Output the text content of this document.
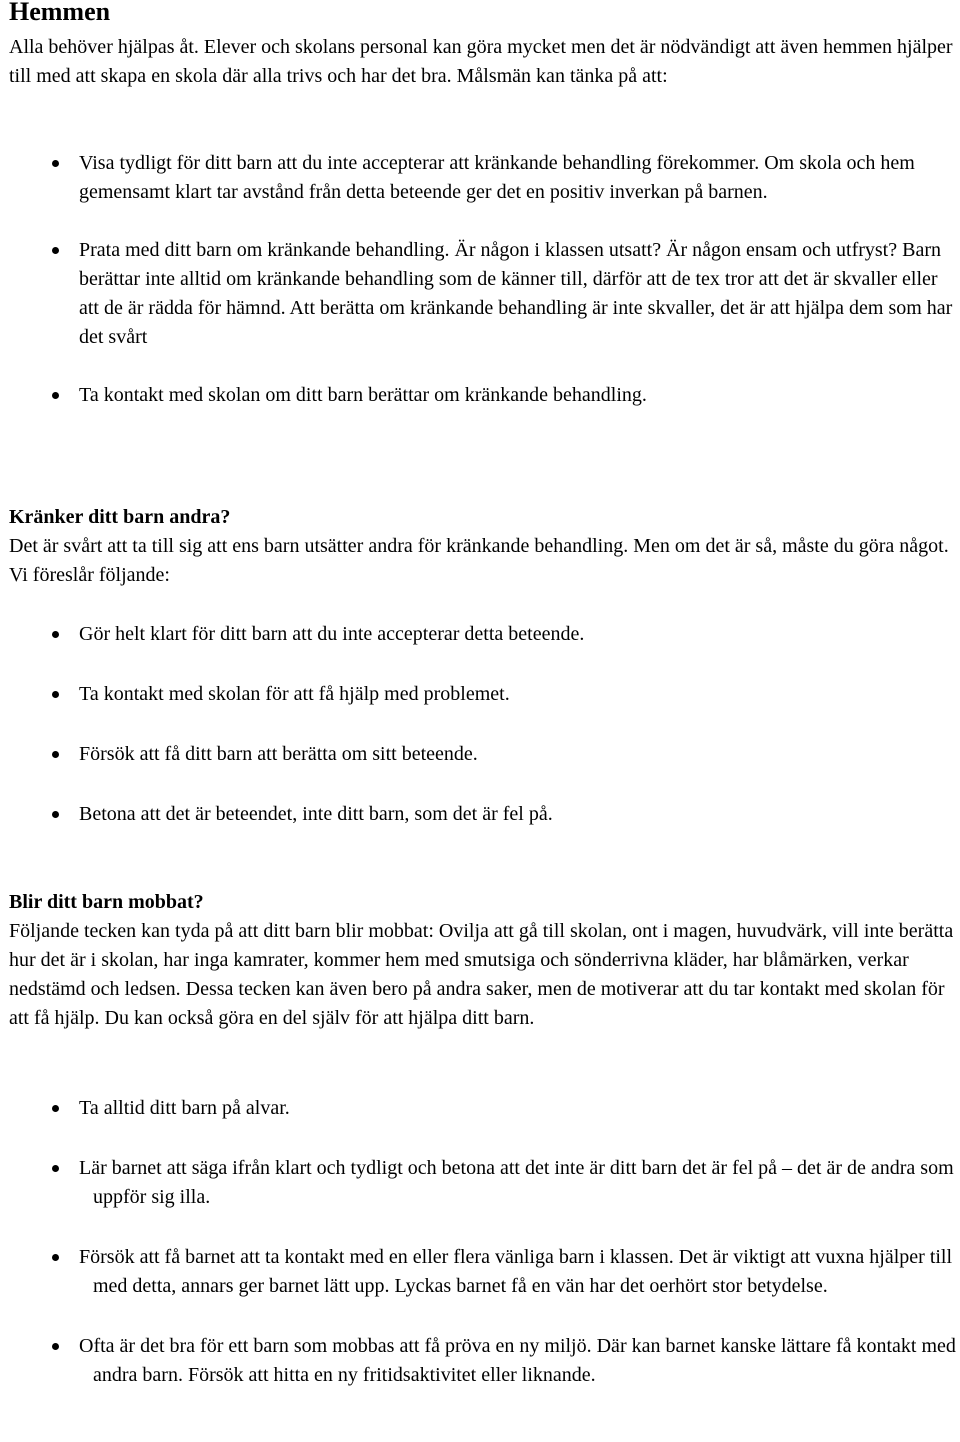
Hemmen

Alla behöver hjälpas åt. Elever och skolans personal kan göra mycket men det är nödvändigt att även hemmen hjälper till med att skapa en skola där alla trivs och har det bra. Målsmän kan tänka på att:

Visa tydligt för ditt barn att du inte accepterar att kränkande behandling förekommer. Om skola och hem gemensamt klart tar avstånd från detta beteende ger det en positiv inverkan på barnen.
Prata med ditt barn om kränkande behandling. Är någon i klassen utsatt? Är någon ensam och utfryst? Barn berättar inte alltid om kränkande behandling som de känner till, därför att de tex tror att det är skvaller eller att de är rädda för hämnd. Att berätta om kränkande behandling är inte skvaller, det är att hjälpa dem som har det svårt
Ta kontakt med skolan om ditt barn berättar om kränkande behandling.

Kränker ditt barn andra?

Det är svårt att ta till sig att ens barn utsätter andra för kränkande behandling. Men om det är så, måste du göra något. Vi föreslår följande:

Gör helt klart för ditt barn att du inte accepterar detta beteende.
Ta kontakt med skolan för att få hjälp med problemet.
Försök att få ditt barn att berätta om sitt beteende.
Betona att det är beteendet, inte ditt barn, som det är fel på.

Blir ditt barn mobbat?

Följande tecken kan tyda på att ditt barn blir mobbat: Ovilja att gå till skolan, ont i magen, huvudvärk, vill inte berätta hur det är i skolan, har inga kamrater, kommer hem med smutsiga och sönderrivna kläder, har blåmärken, verkar nedstämd och ledsen. Dessa tecken kan även bero på andra saker, men de motiverar att du tar kontakt med skolan för att få hjälp. Du kan också göra en del själv för att hjälpa ditt barn.

Ta alltid ditt barn på alvar.
Lär barnet att säga ifrån klart och tydligt och betona att det inte är ditt barn det är fel på – det är de andra som uppför sig illa.
Försök att få barnet att ta kontakt med en eller flera vänliga barn i klassen. Det är viktigt att vuxna hjälper till med detta, annars ger barnet lätt upp. Lyckas barnet få en vän har det oerhört stor betydelse.
Ofta är det bra för ett barn som mobbas att få pröva en ny miljö. Där kan barnet kanske lättare få kontakt med andra barn. Försök att hitta en ny fritidsaktivitet eller liknande.
